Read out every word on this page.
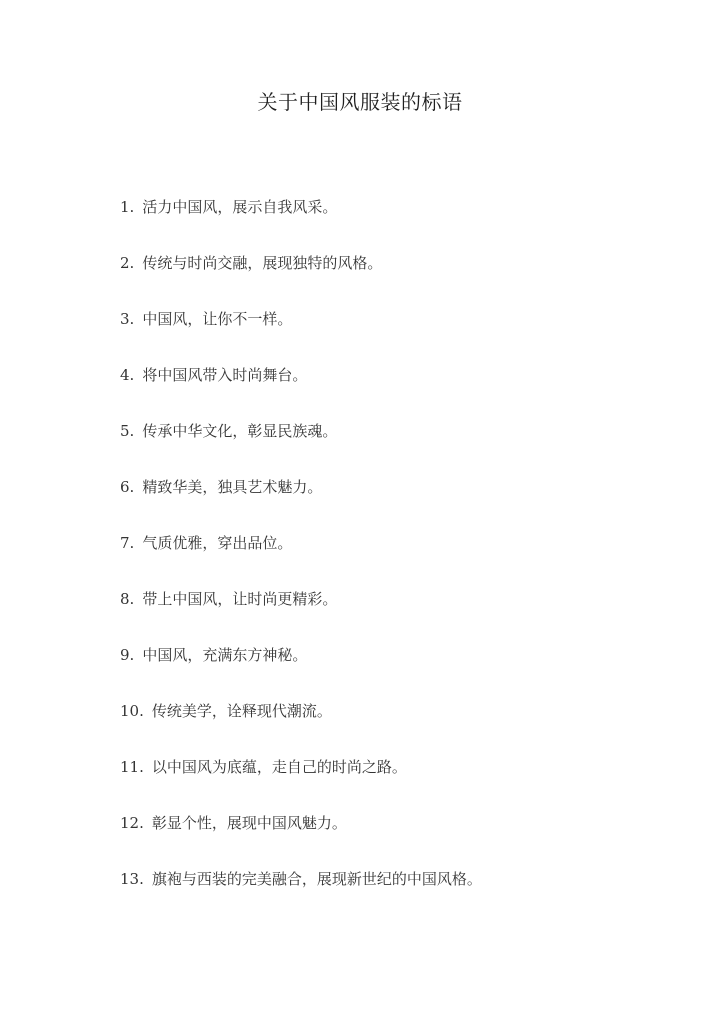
关于中国风服装的标语
1. 活力中国风，展示自我风采。
2. 传统与时尚交融，展现独特的风格。
3. 中国风，让你不一样。
4. 将中国风带入时尚舞台。
5. 传承中华文化，彰显民族魂。
6. 精致华美，独具艺术魅力。
7. 气质优雅，穿出品位。
8. 带上中国风，让时尚更精彩。
9. 中国风，充满东方神秘。
10. 传统美学，诠释现代潮流。
11. 以中国风为底蕴，走自己的时尚之路。
12. 彰显个性，展现中国风魅力。
13. 旗袍与西装的完美融合，展现新世纪的中国风格。
